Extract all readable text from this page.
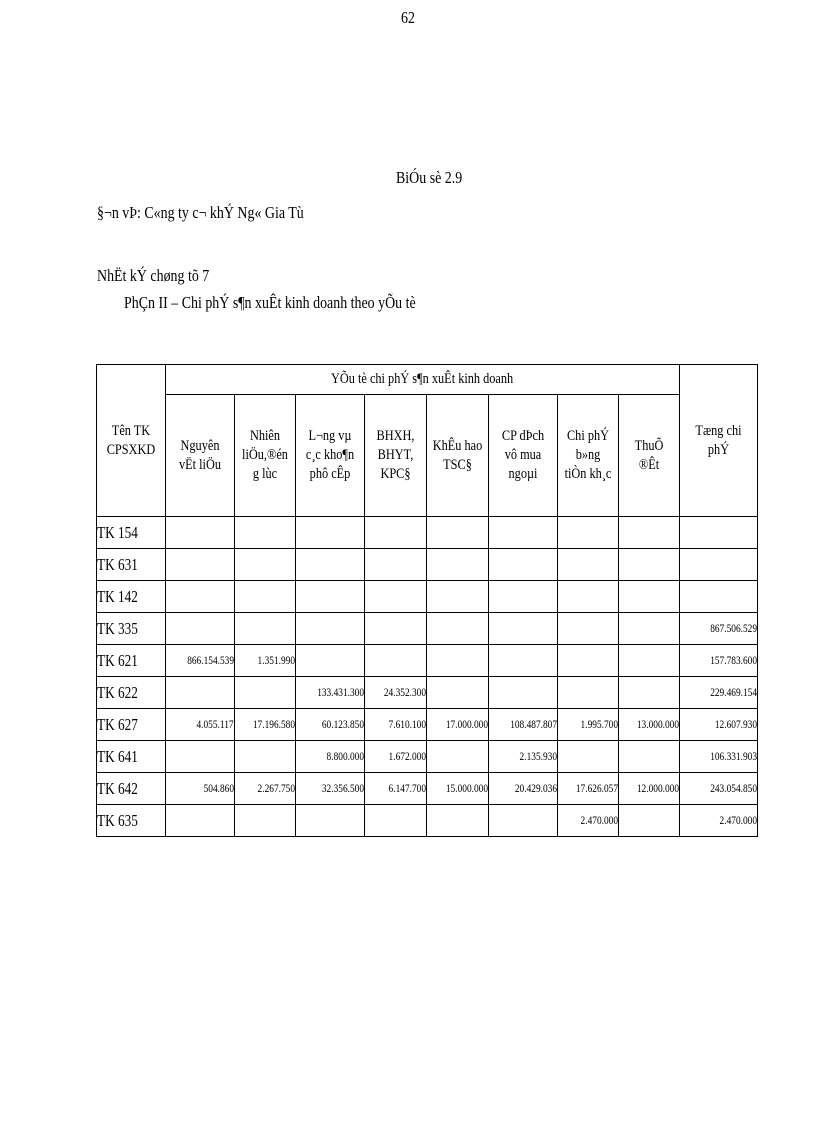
62
BiÓu sè 2.9
§¬n vÞ: C«ng ty c¬ khÝ Ng« Gia Tù
NhËt kÝ chøng tõ 7
PhÇn II – Chi phÝ s¶n xuÊt kinh doanh theo yÕu tè
Tên TK CPSXKD	YÕu tè chi phÝ s¶n xuÊt kinh doanh								Tæng chi phÝ
	Nguyên vËt liÖu	Nhiên liÖu,®én g lùc	L¬ng vµ c¸c kho¶n phô cÊp	BHXH, BHYT, KPC§	KhÊu hao TSC§	CP dÞch vô mua ngoµi	Chi phÝ b»ng tiÒn kh¸c	ThuÕ ®Êt	
TK 154									
TK 631									
TK 142									
TK 335									867.506.529
TK 621	866.154.539	1.351.990							157.783.600
TK 622			133.431.300	24.352.300					229.469.154
TK 627	4.055.117	17.196.580	60.123.850	7.610.100	17.000.000	108.487.807	1.995.700	13.000.000	12.607.930
TK 641			8.800.000	1.672.000		2.135.930			106.331.903
TK 642	504.860	2.267.750	32.356.500	6.147.700	15.000.000	20.429.036	17.626.057	12.000.000	243.054.850
TK 635							2.470.000		2.470.000
